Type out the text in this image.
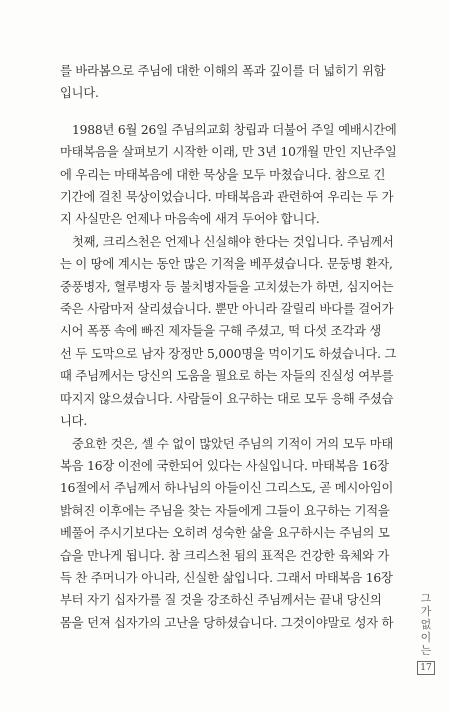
를 바라봄으로 주님에 대한 이해의 폭과 깊이를 더 넓히기 위함
입니다.

1988년 6월 26일 주님의교회 창립과 더불어 주일 예배시간에
마태복음을 살펴보기 시작한 이래, 만 3년 10개월 만인 지난주일
에 우리는 마태복음에 대한 묵상을 모두 마쳤습니다. 참으로 긴
기간에 걸친 묵상이었습니다. 마태복음과 관련하여 우리는 두 가
지 사실만은 언제나 마음속에 새겨 두어야 합니다.

첫째, 크리스천은 언제나 신실해야 한다는 것입니다. 주님께서
는 이 땅에 계시는 동안 많은 기적을 베푸셨습니다. 문둥병 환자,
중풍병자, 혈루병자 등 불치병자들을 고치셨는가 하면, 심지어는
죽은 사람마저 살리셨습니다. 뿐만 아니라 갈릴리 바다를 걸어가
시어 폭풍 속에 빠진 제자들을 구해 주셨고, 떡 다섯 조각과 생
선 두 도막으로 남자 장정만 5,000명을 먹이기도 하셨습니다. 그
때 주님께서는 당신의 도움을 필요로 하는 자들의 진실성 여부를
따지지 않으셨습니다. 사람들이 요구하는 대로 모두 응해 주셨습
니다.

중요한 것은, 셀 수 없이 많았던 주님의 기적이 거의 모두 마태
복음 16장 이전에 국한되어 있다는 사실입니다. 마태복음 16장
16절에서 주님께서 하나님의 아들이신 그리스도, 곧 메시아임이
밝혀진 이후에는 주님을 찾는 자들에게 그들이 요구하는 기적을
베풀어 주시기보다는 오히려 성숙한 삶을 요구하시는 주님의 모
습을 만나게 됩니다. 참 크리스천 됨의 표적은 건강한 육체와 가
득 찬 주머니가 아니라, 신실한 삶입니다. 그래서 마태복음 16장
부터 자기 십자가를 질 것을 강조하신 주님께서는 끝내 당신의
몸을 던져 십자가의 고난을 당하셨습니다. 그것이야말로 성자 하

그
가
없
이
는
17
